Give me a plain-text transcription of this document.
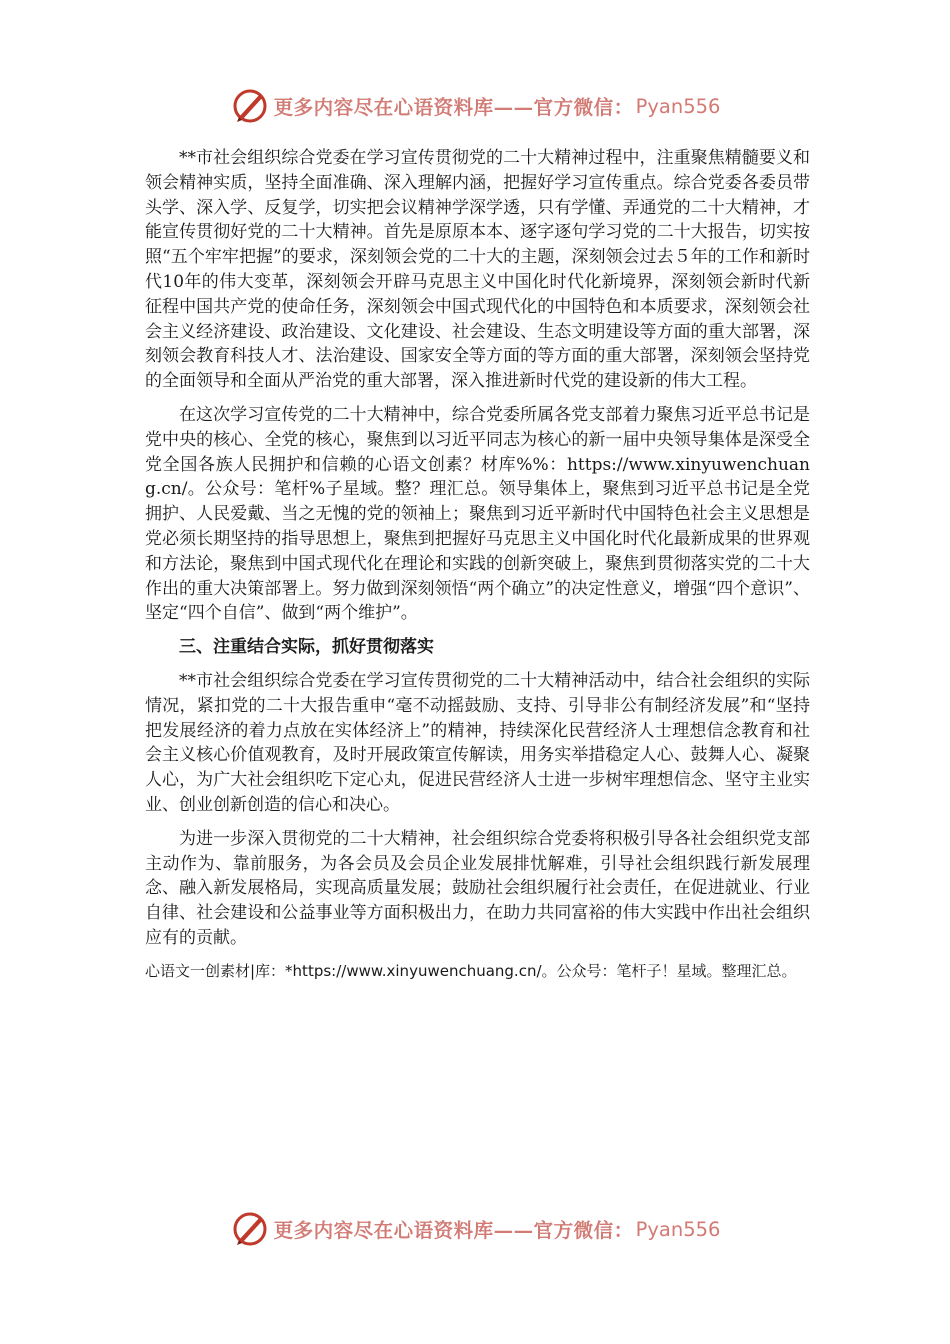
更多内容尽在心语资料库——官方微信： Pyan556

**市社会组织综合党委在学习宣传贯彻党的二十大精神过程中，注重聚焦精髓要义和领会精神实质，坚持全面准确、深入理解内涵，把握好学习宣传重点。综合党委各委员带头学、深入学、反复学，切实把会议精神学深学透，只有学懂、弄通党的二十大精神，才能宣传贯彻好党的二十大精神。首先是原原本本、逐字逐句学习党的二十大报告，切实按照“五个牢牢把握”的要求，深刻领会党的二十大的主题，深刻领会过去５年的工作和新时代10年的伟大变革，深刻领会开辟马克思主义中国化时代化新境界，深刻领会新时代新征程中国共产党的使命任务，深刻领会中国式现代化的中国特色和本质要求，深刻领会社会主义经济建设、政治建设、文化建设、社会建设、生态文明建设等方面的重大部署，深刻领会教育科技人才、法治建设、国家安全等方面的等方面的重大部署，深刻领会坚持党的全面领导和全面从严治党的重大部署，深入推进新时代党的建设新的伟大工程。

在这次学习宣传党的二十大精神中，综合党委所属各党支部着力聚焦习近平总书记是党中央的核心、全党的核心，聚焦到以习近平同志为核心的新一届中央领导集体是深受全党全国各族人民拥护和信赖的心语文创素？材库%%：https://www.xinyuwenchuang.cn/。公众号：笔杆%子星域。整？理汇总。领导集体上，聚焦到习近平总书记是全党拥护、人民爱戴、当之无愧的党的领袖上；聚焦到习近平新时代中国特色社会主义思想是党必须长期坚持的指导思想上，聚焦到把握好马克思主义中国化时代化最新成果的世界观和方法论，聚焦到中国式现代化在理论和实践的创新突破上，聚焦到贯彻落实党的二十大作出的重大决策部署上。努力做到深刻领悟“两个确立”的决定性意义，增强“四个意识”、坚定“四个自信”、做到“两个维护”。

三、注重结合实际，抓好贯彻落实

**市社会组织综合党委在学习宣传贯彻党的二十大精神活动中，结合社会组织的实际情况，紧扣党的二十大报告重申“毫不动摇鼓励、支持、引导非公有制经济发展”和“坚持把发展经济的着力点放在实体经济上”的精神，持续深化民营经济人士理想信念教育和社会主义核心价值观教育，及时开展政策宣传解读，用务实举措稳定人心、鼓舞人心、凝聚人心，为广大社会组织吃下定心丸，促进民营经济人士进一步树牢理想信念、坚守主业实业、创业创新创造的信心和决心。

为进一步深入贯彻党的二十大精神，社会组织综合党委将积极引导各社会组织党支部主动作为、靠前服务，为各会员及会员企业发展排忧解难，引导社会组织践行新发展理念、融入新发展格局，实现高质量发展；鼓励社会组织履行社会责任，在促进就业、行业自律、社会建设和公益事业等方面积极出力，在助力共同富裕的伟大实践中作出社会组织应有的贡献。

心语文一创素材|库：*https://www.xinyuwenchuang.cn/。公众号：笔杆子！星域。整理汇总。

更多内容尽在心语资料库——官方微信： Pyan556
